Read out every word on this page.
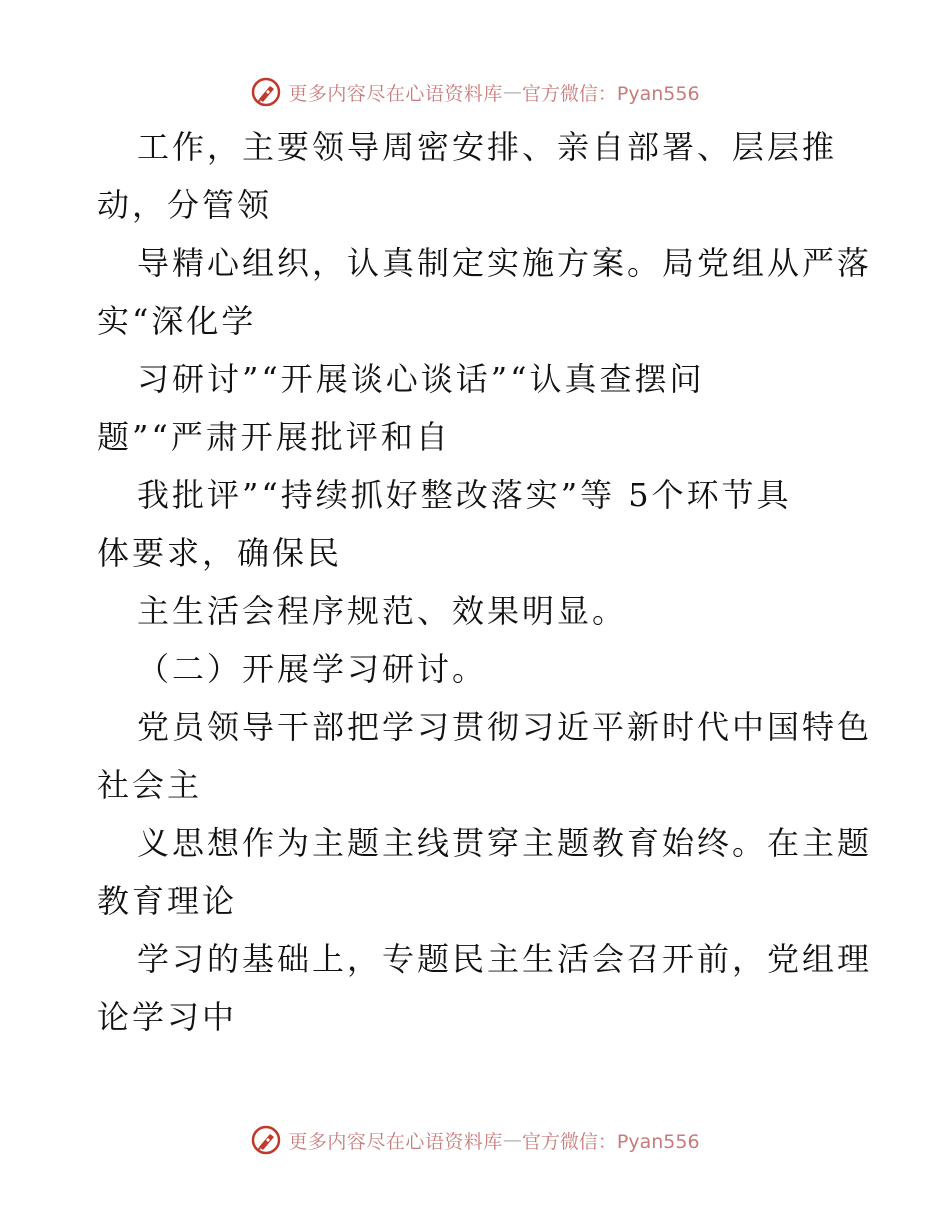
更多内容尽在心语资料库 — 官方微信：Pyan556
工作，主要领导周密安排、亲自部署、层层推
动，分管领
导精心组织，认真制定实施方案。局党组从严落
实“深化学
习研讨”“开展谈心谈话”“认真查摆问
题”“严肃开展批评和自
我批评”“持续抓好整改落实”等 5个环节具
体要求，确保民
主生活会程序规范、效果明显。
（二）开展学习研讨。
党员领导干部把学习贯彻习近平新时代中国特色
社会主
义思想作为主题主线贯穿主题教育始终。在主题
教育理论
学习的基础上，专题民主生活会召开前，党组理
论学习中
更多内容尽在心语资料库 — 官方微信：Pyan556
